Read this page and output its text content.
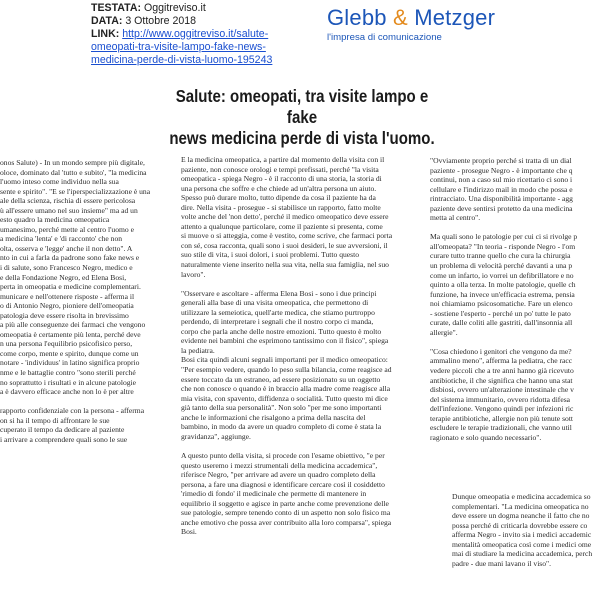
TESTATA: Oggitreviso.it
DATA: 3 Ottobre 2018
LINK: http://www.oggitreviso.it/salute-
omeopati-tra-visite-lampo-fake-news-
medicina-perde-di-vista-luomo-195243
Glebb & Metzger
l'impresa di comunicazione
Salute: omeopati, tra visite lampo e fake
news medicina perde di vista l'uomo.
onos Salute) - In un mondo sempre più digitale,
oloce, dominato dal 'tutto e subito', "la medicina
l'uomo inteso come individuo nella sua
sente e spirito". "E se l'iperspecializzazione è una
ale della scienza, rischia di essere pericolosa
ù all'essere umano nel suo insieme" ma ad un
esto quadro la medicina omeopatica
umanesimo, perché mette al centro l'uomo e
a medicina 'lenta' e 'di racconto' che non
olta, osserva e 'legge' anche il non detto". A
nto in cui a farla da padrone sono fake news e
i di salute, sono Francesco Negro, medico e
e della Fondazione Negro, ed Elena Bosi,
perta in omeopatia e medicine complementari.
municare e nell'ottenere risposte - afferma il
o di Antonio Negro, pioniere dell'omeopatia
patologia deve essere risolta in brevissimo
a più alle conseguenze dei farmaci che vengono
omeopatia è certamente più lenta, perché deve
n una persona l'equilibrio psicofisico perso,
come corpo, mente e spirito, dunque come un
notare - 'individuus' in latino significa proprio
nme e le battaglie contro "sono sterili perché
no soprattutto i risultati e in alcune patologie
a è davvero efficace anche non lo è per altre
rapporto confidenziale con la persona - afferma
on si ha il tempo di affrontare le sue
cuperato il tempo da dedicare al paziente
i arrivare a comprendere quali sono le sue
E la medicina omeopatica, a partire dal momento della visita con il
paziente, non conosce orologi e tempi prefissati, perché "la visita
omeopatica - spiega Negro - è il racconto di una storia, la storia di
una persona che soffre e che chiede ad un'altra persona un aiuto.
Spesso può durare molto, tutto dipende da cosa il paziente ha da
dire. Nella visita - prosegue - si stabilisce un rapporto, fatto molte
volte anche del 'non detto', perché il medico omeopatico deve essere
attento a qualunque particolare, come il paziente si presenta, come
si muove o si atteggia, come è vestito, come scrive, che farmaci porta
con sé, cosa racconta, quali sono i suoi desideri, le sue avversioni, il
suo stile di vita, i suoi dolori, i suoi problemi. Tutto questo
naturalmente viene inserito nella sua vita, nella sua famiglia, nel suo
lavoro".
"Osservare e ascoltare - afferma Elena Bosi - sono i due principi
generali alla base di una visita omeopatica, che permettono di
utilizzare la semeiotica, quell'arte medica, che stiamo purtroppo
perdendo, di interpretare i segnali che il nostro corpo ci manda,
corpo che parla anche delle nostre emozioni. Tutto questo è molto
evidente nei bambini che esprimono tantissimo con il fisico", spiega
la pediatra.
Bosi cita quindi alcuni segnali importanti per il medico omeopatico:
"Per esempio vedere, quando lo peso sulla bilancia, come reagisce ad
essere toccato da un estraneo, ad essere posizionato su un oggetto
che non conosce o quando è in braccio alla madre come reagisce alla
mia visita, con spavento, diffidenza o socialità. Tutto questo mi dice
già tanto della sua personalità". Non solo "per me sono importanti
anche le informazioni che risalgono a prima della nascita del
bambino, in modo da avere un quadro completo di come è stata la
gravidanza", aggiunge.
A questo punto della visita, si procede con l'esame obiettivo, "e per
questo useremo i mezzi strumentali della medicina accademica",
riferisce Negro, "per arrivare ad avere un quadro completo della
persona, a fare una diagnosi e identificare cercare così il cosiddetto
'rimedio di fondo' il medicinale che permette di mantenere in
equilibrio il soggetto e agisce in parte anche come prevenzione delle
sue patologie, sempre tenendo conto di un aspetto non solo fisico ma
anche emotivo che possa aver contribuito alla loro comparsa", spiega
Bosi.
"Ovviamente proprio perché si tratta di un dial
paziente - prosegue Negro - è importante che q
continui, non a caso sul mio ricettario ci sono i
cellulare e l'indirizzo mail in modo che possa e
rintracciato. Una disponibilità importante - agg
paziente deve sentirsi protetto da una medicina
metta al centro".
Ma quali sono le patologie per cui ci si rivolge p
all'omeopata? "In teoria - risponde Negro - l'om
curare tutto tranne quello che cura la chirurgia
un problema di velocità perché davanti a una p
come un infarto, io vorrei un defibrillatore e no
quinto a olla terza. In molte patologie, quelle ch
funzione, ha invece un'efficacia estrema, pensia
noi chiamiamo psicosomatiche. Fare un elenco
- sostiene l'esperto - perché un po' tutte le pato
curate, dalle coliti alle gastriti, dall'insonnia all
allergie".
"Cosa chiedono i genitori che vengono da me?
ammalino meno", afferma la pediatra, che racc
vedere piccoli che a tre anni hanno già ricevuto
antibiotiche, il che significa che hanno una stat
disbiosi, ovvero un'alterazione intestinale che v
del sistema immunitario, ovvero ridotta difesa
dell'infezione. Vengono quindi per infezioni ric
terapie antibiotiche, allergie non più tenute sott
escludere le terapie tradizionali, che vanno util
ragionato e solo quando necessario".
Dunque omeopatia e medicina accademica so
complementari. "La medicina omeopatica no
deve essere un dogma neanche il fatto che no
possa perché di criticarla dovrebbe essere co
afferma Negro - invito sia i medici accademic
mentalità omeopatica così come i medici ome
mai di studiare la medicina accademica, perch
padre - due mani lavano il viso".
